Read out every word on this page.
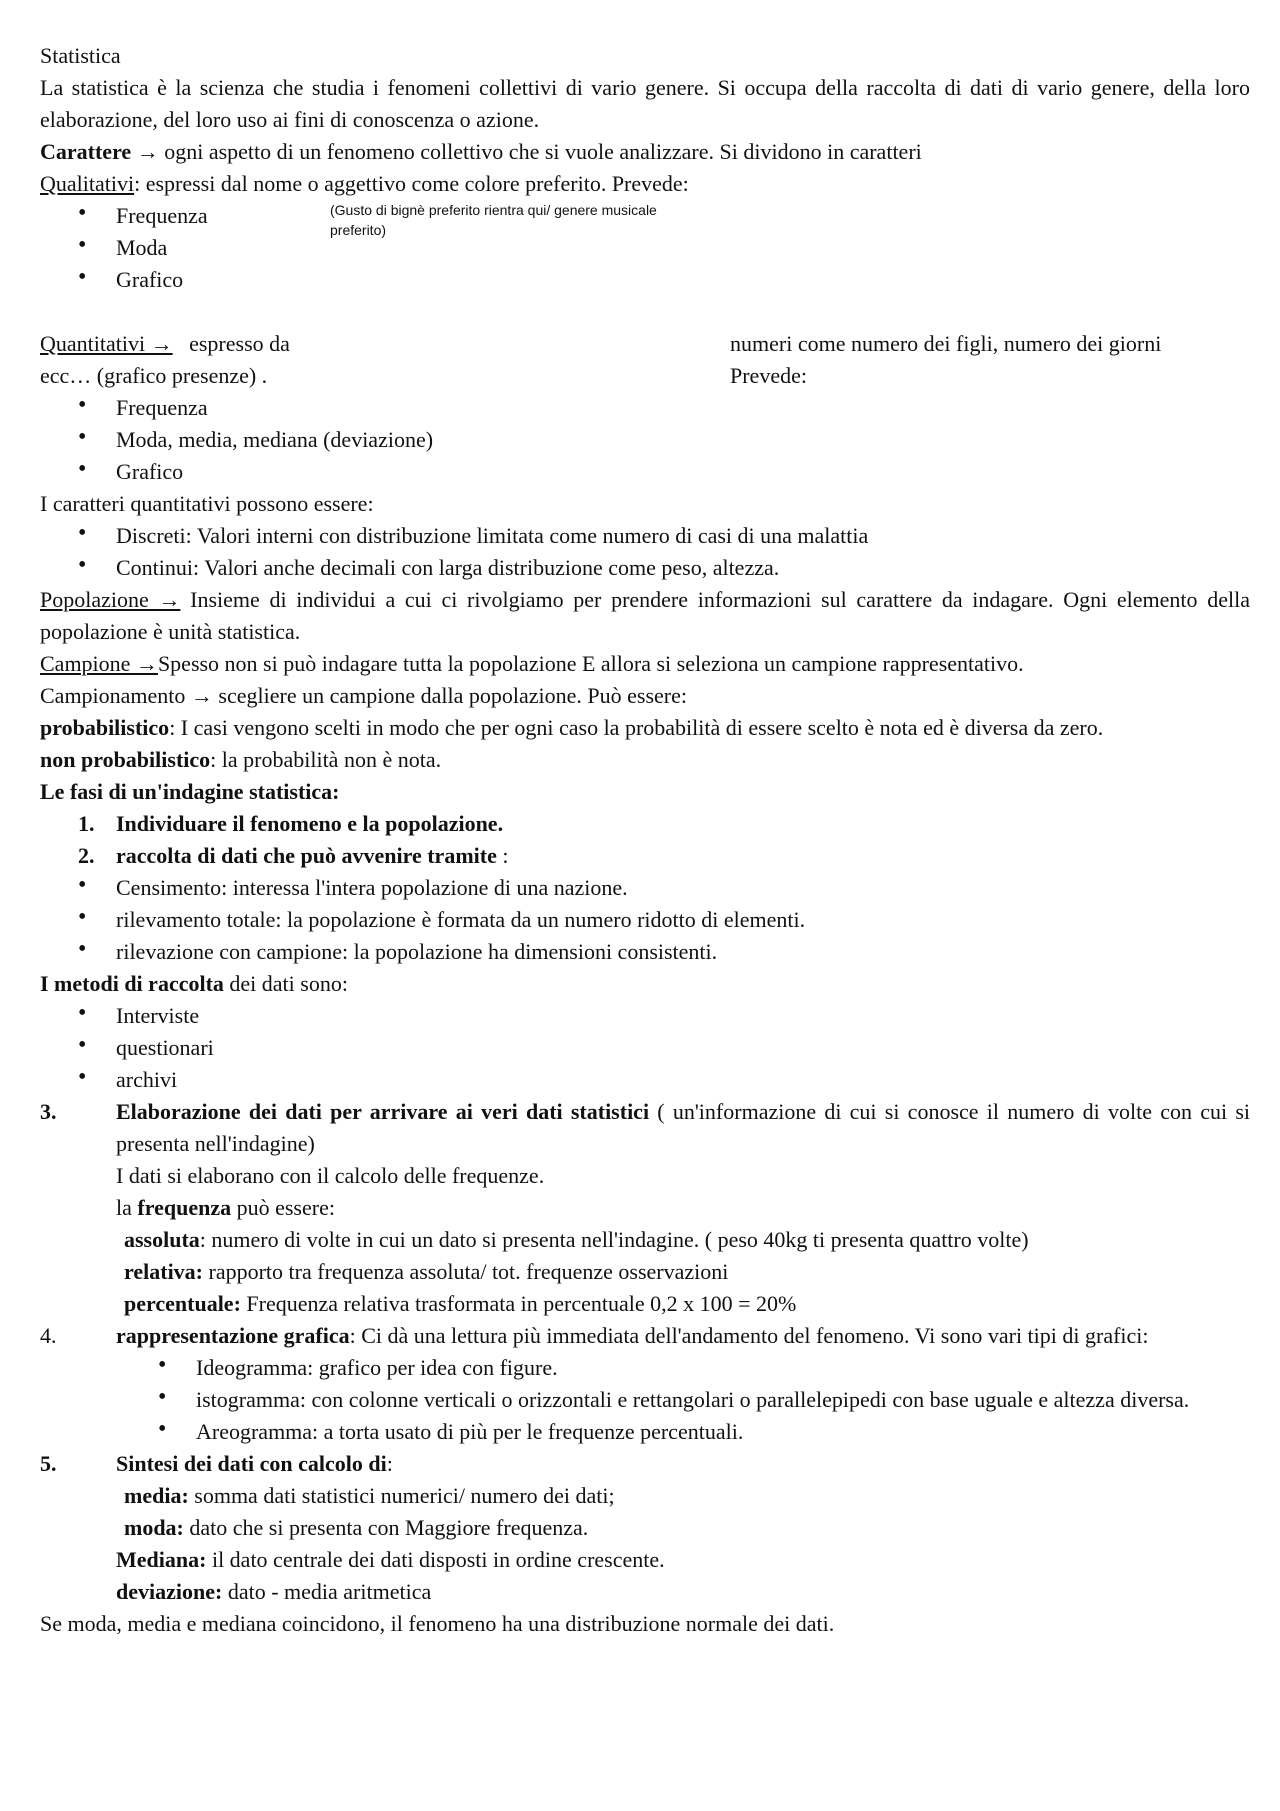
Statistica

La statistica è la scienza che studia i fenomeni collettivi di vario genere. Si occupa della raccolta di dati di vario genere, della loro elaborazione, del loro uso ai fini di conoscenza o azione.

Carattere → ogni aspetto di un fenomeno collettivo che si vuole analizzare. Si dividono in caratteri

Qualitativi: espressi dal nome o aggettivo come colore preferito. Prevede:

• Frequenza
• Moda
• Grafico
Quantitativi → espresso da
ecc… (grafico presenze) .
numeri come numero dei figli, numero dei giorni
Prevede:
• Frequenza
• Moda, media, mediana (deviazione)
• Grafico

I caratteri quantitativi possono essere:

• Discreti: Valori interni con distribuzione limitata come numero di casi di una malattia
• Continui: Valori anche decimali con larga distribuzione come peso, altezza.

Popolazione → Insieme di individui a cui ci rivolgiamo per prendere informazioni sul carattere da indagare. Ogni elemento della popolazione è unità statistica.

Campione →Spesso non si può indagare tutta la popolazione E allora si seleziona un campione rappresentativo.

Campionamento → scegliere un campione dalla popolazione. Può essere:

probabilistico: I casi vengono scelti in modo che per ogni caso la probabilità di essere scelto è nota ed è diversa da zero.

non probabilistico: la probabilità non è nota.

Le fasi di un'indagine statistica:

1. Individuare il fenomeno e la popolazione.
2. raccolta di dati che può avvenire tramite :
• Censimento: interessa l'intera popolazione di una nazione.
• rilevamento totale: la popolazione è formata da un numero ridotto di elementi.
• rilevazione con campione: la popolazione ha dimensioni consistenti.

I metodi di raccolta dei dati sono:

• Interviste
• questionari
• archivi
3.	Elaborazione dei dati per arrivare ai veri dati statistici ( un'informazione di cui si conosce il numero di volte con cui si presenta nell'indagine)

I dati si elaborano con il calcolo delle frequenze.

la frequenza può essere:

assoluta: numero di volte in cui un dato si presenta nell'indagine. ( peso 40kg ti presenta quattro volte)

relativa: rapporto tra frequenza assoluta/ tot. frequenze osservazioni

percentuale: Frequenza relativa trasformata in percentuale 0,2 x 100 = 20%

4.	rappresentazione grafica: Ci dà una lettura più immediata dell'andamento del fenomeno. Vi sono vari tipi di grafici:
• Ideogramma: grafico per idea con figure.
• istogramma: con colonne verticali o orizzontali e rettangolari o parallelepipedi con base uguale e altezza diversa.
• Areogramma: a torta usato di più per le frequenze percentuali.
5.	Sintesi dei dati con calcolo di:

media: somma dati statistici numerici/ numero dei dati;

moda: dato che si presenta con Maggiore frequenza.

Mediana: il dato centrale dei dati disposti in ordine crescente.

deviazione: dato - media aritmetica

Se moda, media e mediana coincidono, il fenomeno ha una distribuzione normale dei dati.

(Gusto di bignè preferito rientra qui/ genere musicale preferito)
